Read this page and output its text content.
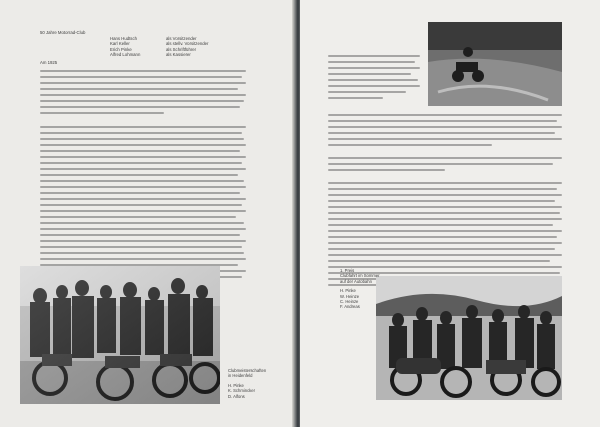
50 Jahre Motorrad-Club
Hans Hudtsch
Karl Keller
Erich Pinke
Alfred Lohmann
als Vorsitzender
als stellv. Vorsitzender
als Schriftführer
als Kassierer
Am 1925
Clubmeisterschaften
in Heidenfeld
H. Pinke
K. Schmincker
D. Alfons
1. Preis
Clubfahrt im Sommer
auf der Autobahn
H. Pinke
W. Heinze
C. Heinze
F. Andreas
